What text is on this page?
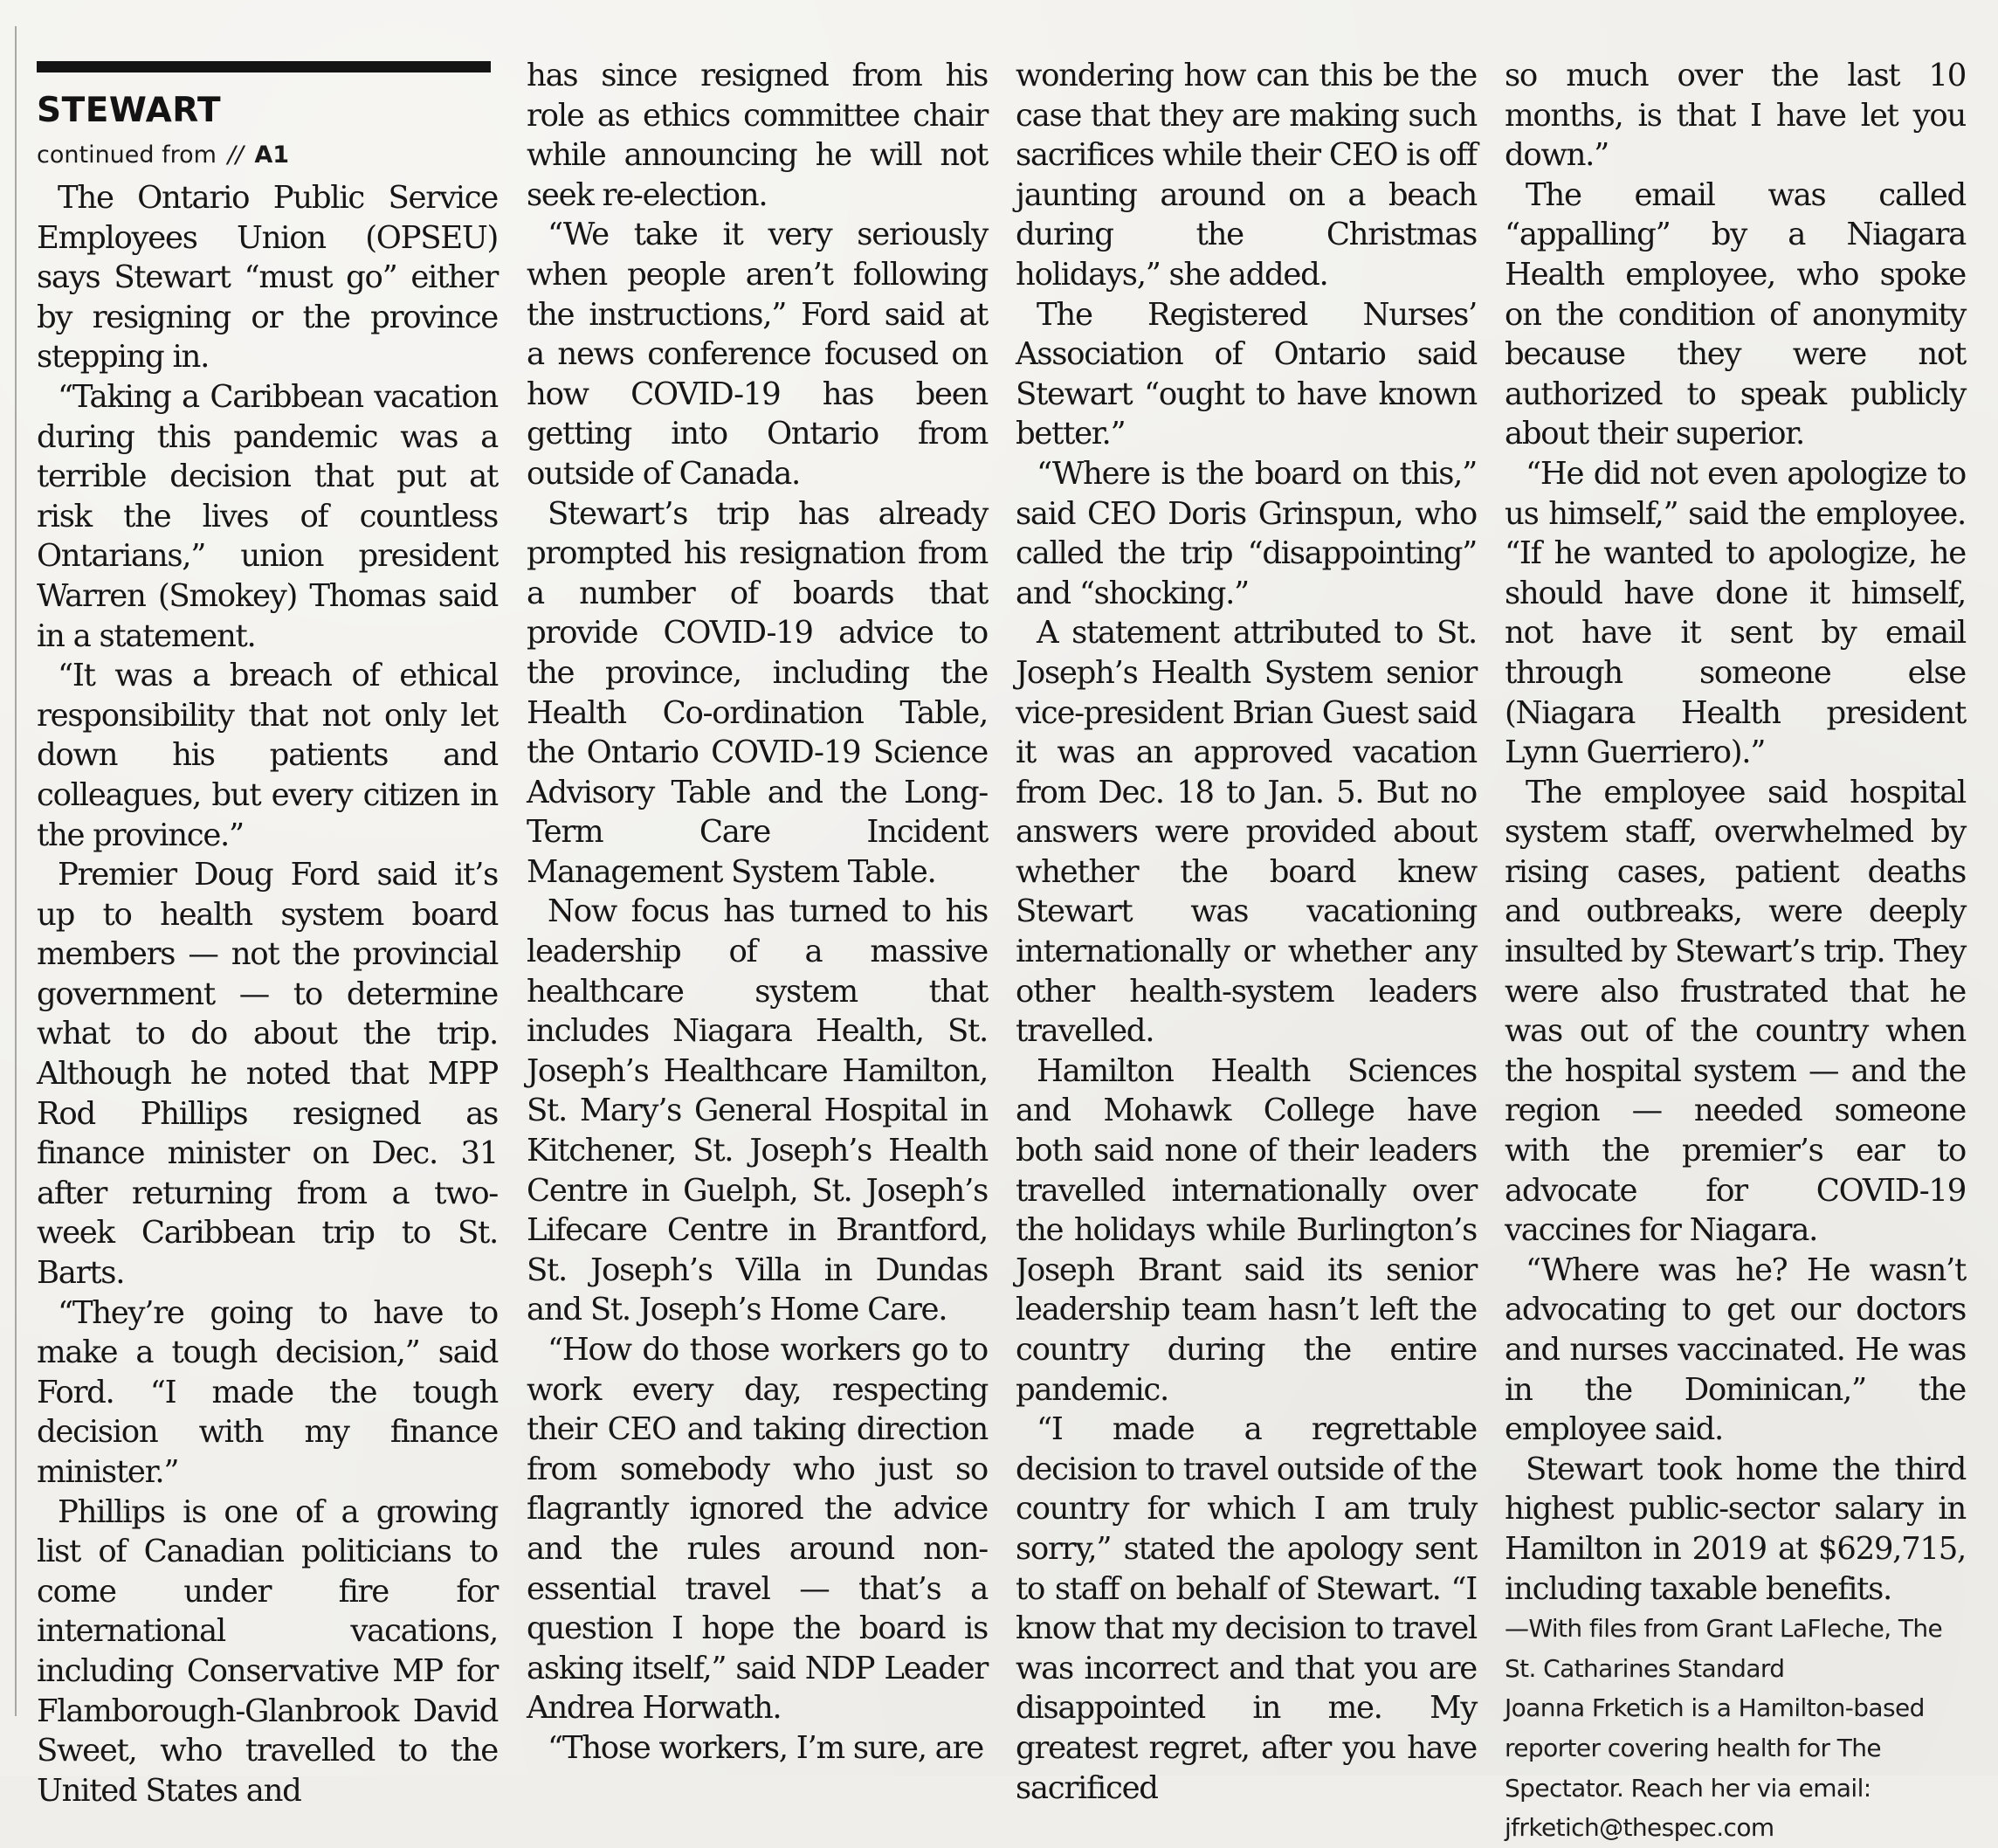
STEWART
continued from // A1

The Ontario Public Service Employees Union (OPSEU) says Stewart “must go” either by resigning or the province stepping in.

“Taking a Caribbean vacation during this pandemic was a terrible decision that put at risk the lives of countless Ontarians,” union president Warren (Smokey) Thomas said in a statement.

“It was a breach of ethical responsibility that not only let down his patients and colleagues, but every citizen in the province.”

Premier Doug Ford said it’s up to health system board members — not the provincial government — to determine what to do about the trip. Although he noted that MPP Rod Phillips resigned as finance minister on Dec. 31 after returning from a two-week Caribbean trip to St. Barts.

“They’re going to have to make a tough decision,” said Ford. “I made the tough decision with my finance minister.”

Phillips is one of a growing list of Canadian politicians to come under fire for international vacations, including Conservative MP for Flamborough-Glanbrook David Sweet, who travelled to the United States and

has since resigned from his role as ethics committee chair while announcing he will not seek re-election.

“We take it very seriously when people aren’t following the instructions,” Ford said at a news conference focused on how COVID-19 has been getting into Ontario from outside of Canada.

Stewart’s trip has already prompted his resignation from a number of boards that provide COVID-19 advice to the province, including the Health Co-ordination Table, the Ontario COVID-19 Science Advisory Table and the Long-Term Care Incident Management System Table.

Now focus has turned to his leadership of a massive healthcare system that includes Niagara Health, St. Joseph’s Healthcare Hamilton, St. Mary’s General Hospital in Kitchener, St. Joseph’s Health Centre in Guelph, St. Joseph’s Lifecare Centre in Brantford, St. Joseph’s Villa in Dundas and St. Joseph’s Home Care.

“How do those workers go to work every day, respecting their CEO and taking direction from somebody who just so flagrantly ignored the advice and the rules around non-essential travel — that’s a question I hope the board is asking itself,” said NDP Leader Andrea Horwath.

“Those workers, I’m sure, are

wondering how can this be the case that they are making such sacrifices while their CEO is off jaunting around on a beach during the Christmas holidays,” she added.

The Registered Nurses’ Association of Ontario said Stewart “ought to have known better.”

“Where is the board on this,” said CEO Doris Grinspun, who called the trip “disappointing” and “shocking.”

A statement attributed to St. Joseph’s Health System senior vice-president Brian Guest said it was an approved vacation from Dec. 18 to Jan. 5. But no answers were provided about whether the board knew Stewart was vacationing internationally or whether any other health-system leaders travelled.

Hamilton Health Sciences and Mohawk College have both said none of their leaders travelled internationally over the holidays while Burlington’s Joseph Brant said its senior leadership team hasn’t left the country during the entire pandemic.

“I made a regrettable decision to travel outside of the country for which I am truly sorry,” stated the apology sent to staff on behalf of Stewart. “I know that my decision to travel was incorrect and that you are disappointed in me. My greatest regret, after you have sacrificed

so much over the last 10 months, is that I have let you down.”

The email was called “appalling” by a Niagara Health employee, who spoke on the condition of anonymity because they were not authorized to speak publicly about their superior.

“He did not even apologize to us himself,” said the employee. “If he wanted to apologize, he should have done it himself, not have it sent by email through someone else (Niagara Health president Lynn Guerriero).”

The employee said hospital system staff, overwhelmed by rising cases, patient deaths and outbreaks, were deeply insulted by Stewart’s trip. They were also frustrated that he was out of the country when the hospital system — and the region — needed someone with the premier’s ear to advocate for COVID-19 vaccines for Niagara.

“Where was he? He wasn’t advocating to get our doctors and nurses vaccinated. He was in the Dominican,” the employee said.

Stewart took home the third highest public-sector salary in Hamilton in 2019 at $629,715, including taxable benefits.

—With files from Grant LaFleche, The St. Catharines Standard

Joanna Frketich is a Hamilton-based reporter covering health for The Spectator. Reach her via email: jfrketich@thespec.com
